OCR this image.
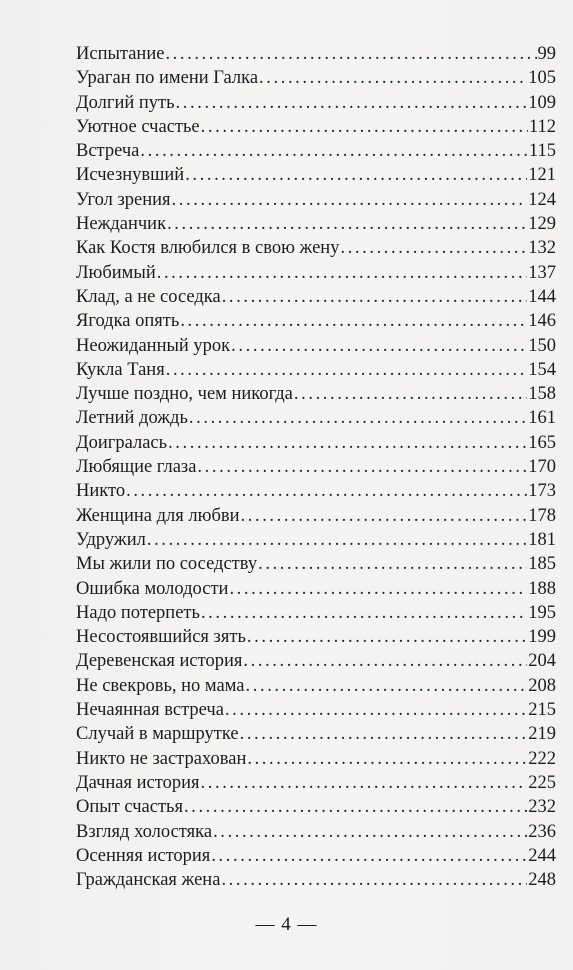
Испытание .....	99
Ураган по имени Галка .....	105
Долгий путь .....	109
Уютное счастье .....	112
Встреча .....	115
Исчезнувший .....	121
Угол зрения .....	124
Нежданчик .....	129
Как Костя влюбился в свою жену .....	132
Любимый .....	137
Клад, а не соседка .....	144
Ягодка опять .....	146
Неожиданный урок .....	150
Кукла Таня .....	154
Лучше поздно, чем никогда .....	158
Летний дождь .....	161
Доигралась .....	165
Любящие глаза .....	170
Никто .....	173
Женщина для любви .....	178
Удружил .....	181
Мы жили по соседству .....	185
Ошибка молодости .....	188
Надо потерпеть .....	195
Несостоявшийся зять .....	199
Деревенская история .....	204
Не свекровь, но мама .....	208
Нечаянная встреча .....	215
Случай в маршрутке .....	219
Никто не застрахован .....	222
Дачная история .....	225
Опыт счастья .....	232
Взгляд холостяка .....	236
Осенняя история .....	244
Гражданская жена .....	248
— 4 —
